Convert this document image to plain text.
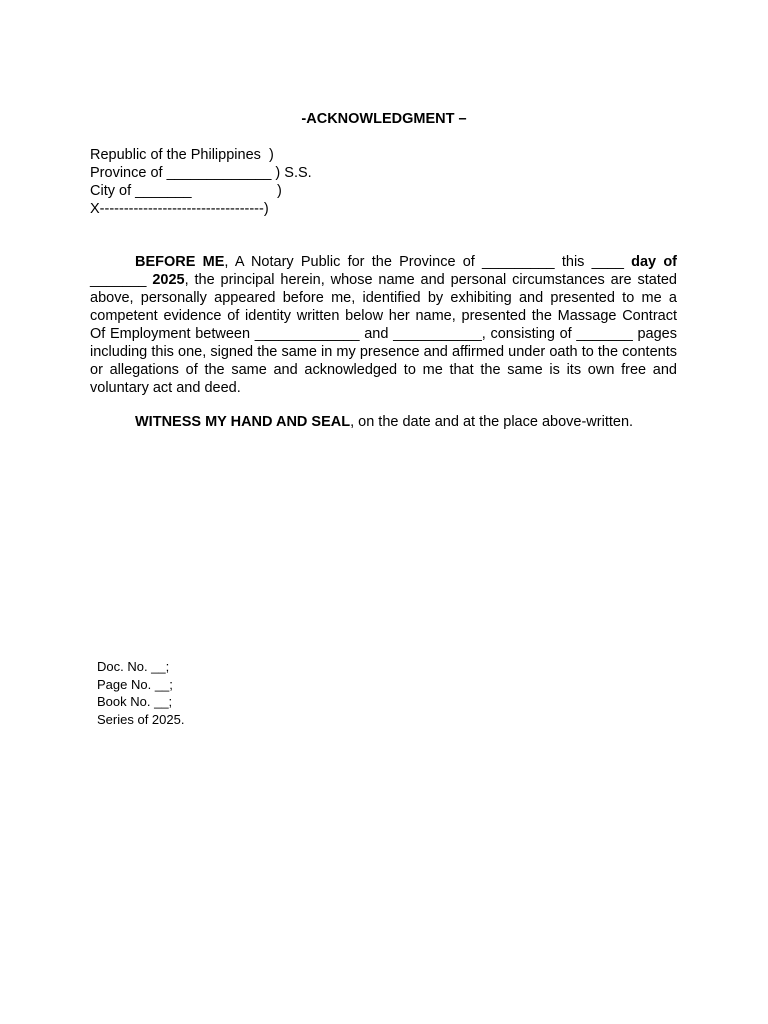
-ACKNOWLEDGMENT –
Republic of the Philippines  )
Province of _____________ ) S.S.
City of _______	)
X----------------------------------)

BEFORE ME, A Notary Public for the Province of _________ this ____ day of _______ 2025, the principal herein, whose name and personal circumstances are stated above, personally appeared before me, identified by exhibiting and presented to me a competent evidence of identity written below her name, presented the Massage Contract Of Employment between _____________ and ___________, consisting of _______ pages including this one, signed the same in my presence and affirmed under oath to the contents or allegations of the same and acknowledged to me that the same is its own free and voluntary act and deed.

WITNESS MY HAND AND SEAL, on the date and at the place above-written.

Doc. No. __;
Page No. __;
Book No. __;
Series of 2025.
